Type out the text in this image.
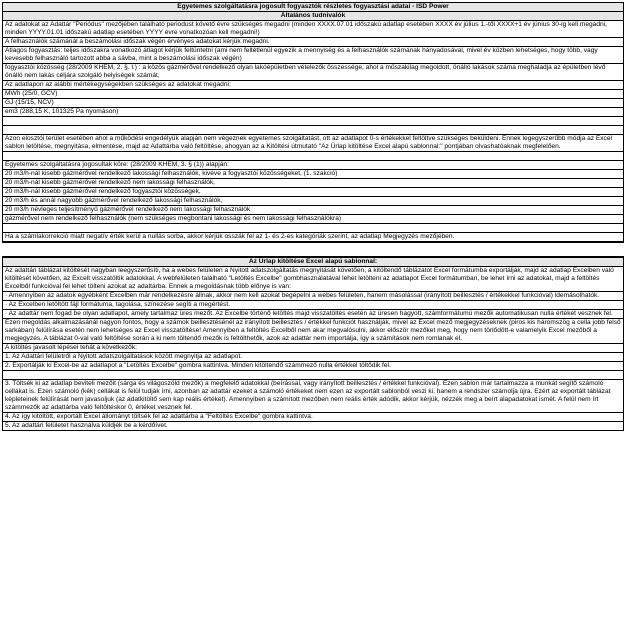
Egyetemes szolgáltatásra jogosult fogyasztók részletes fogyasztási adatai - ISD Power
Általános tudnivalók
Az adatokat az Adattár "Periódus" mezőjében található periodust követő évre szükséges megadni (minden XXXX.07.01 időszakú adatlap esetében XXXX év július 1.-től XXXX+1 év június 30-ig kell megadni, minden YYYY.01.01 időszakú adatlap esetében YYYY évre vonatkozóan kell megadni!)
A felhasználók számánál a beszámolási időszak végén érvényes adatokat kérjük megadni.
Átlagos fogyasztás: teljes időszakra vonatkozó átlagot kérjük feltüntetni (ami nem feltétlenül egyezik a mennyiség és a felhasználók számának hányadosával, mivel év közben lehetséges, hogy több, vagy kevesebb felhasználó tartozott abba a sávba, mint a beszámolási időszak végén)
fogyasztói közösség (28/2009 KHEM, 2. §. l.) : a közös gázmérővel rendelkező olyan lakóépületben vételezők összessége, ahol a műszakilag megoldott, önálló lakások száma meghaladja az épületben lévő önálló nem lakás céljára szolgáló helyiségek számát,
Az adatlapon az alábbi mértékegységekben szükséges az adatokat megadni:
MWh (25/0, GCV)
GJ (15/15, NCV)
em3 (288,15 K, 101325 Pa nyomáson)

Azon elosztói terület esetében ahol a működési engedélyük alapján nem végeznek egyetemes szolgáltatást, ott az adatlapot 0-s értékekkel feltöltve szükséges beküldeni. Ennek legegyszerűbb módja az Excel sablon letöltése, megnyitása, elmentése, majd az Adattárba való feltöltése, ahogyan az a Kitöltési útmutató "Az Űrlap kitöltése Excel alapú sablonnal:" pontjában olvashatóaknak megfelelően.

Egyetemes szolgáltatásra jogosultak köre: (28/2009 KHEM, 3. § (1)) alapján:
20 m3/h-nál kisebb gázmérővel rendelkező lakossági felhasználók, kivéve a fogyasztói közösségeket, (1. szakció)
20 m3/h-nál kisebb gázmérővel rendelkező nem lakossági felhasználók,
20 m3/h-nál kisebb gázmérővel rendelkező fogyasztói közösségek,
20 m3/h és annál nagyobb gázmérővel rendelkező lakossági felhasználók,
20 m3/h névleges teljesítményű gázmérővel rendelkező nem lakossági felhasználók
gázmérővel nem rendelkező felhasználók (nem szükséges megbontani lakossági és nem lakossági felhasználókra)

Ha a számlakorrekció miatt negatív érték kerül a nullás sorba, akkor kérjük osszák fel az 1- és 2-es kategóriák szerint, az adatlap Megjegyzés mezőjében.
Az Űrlap kitöltése Excel alapú sablonnal:
Az adattári táblázat kitöltését nagyban leegyszerűsíti, ha a webes felületen a Nyitott adatszolgáltatás megnyitását követően, a kitöltendő táblázatot Excel formátumba exportálják, majd az adatlap Excelben való kitöltését követően, az Excelt visszatöltik adatokkal. A webfelületen található "Letöltés Excelbe" gombhasználatával lehet letölteni az adatlapot Excel formátumban, be lehet írni az adatokat, majd a feltöltés Excelből funkcióval fel lehet tölteni azokat az adattárba. Ennek a megoldásnak több előnye is van:
· Amennyiben az adatok egyébként Excelben már rendelkezésre állnak, akkor nem kell azokat begépelni a webes felületen, hanem másolással (irányított beillesztés / értékekkel funkcióval) ldemásolhatók.
· Az Excelben letöltött fájl formátuma, tagolása, színezése segíti a megértést.
· Az adattár nem fogad be olyan adatlapot, amely tartalmaz üres mezőt. Az Excelbe történő letöltés majd visszatöltés esetén az üresen hagyott, számformátumú mezők automatikusan nulla értéket vesznek fel.
Ezen megoldás alkalmazásánál nagyon fontos, hogy a számok beillesztésénél az irányított beillesztés / értékkel funkciót használják, mivel az Excel mező megjegyzéseknek (piros kis háromszög a cella jobb felső sarkában) felülírása esetén nem lehetséges az Excel visszatöltése! Amennyiben a feltöltés Excelből nem akar megvalósulni, akkor először mezőket meg, hogy nem törlődött-e valamelyik Excel mezőből a megjegyzés. A táblázat 0-val való feltöltése során a ki nem töltendő mezők is feltölthetők, azok az adattár nem importálja, így a számítások nem romlanak el.
A kitöltés javasolt lépései tehát a következők:
1. Az Adattári felületről a Nyitott adatszolgáltatások között megnyitja az adatlapot.
2. Exportálják ki Excel-be az adatlapot a "Letöltés Excelbe" gombra kattintva. Minden kitöltendő számmező nulla értékkel töltődik fel.

3. Töltsék ki az adatlap beviteli mezőit (sárga és világoszöld mezők) a megfelelő adatokkal (beírással, vagy irányított beillesztés / értékkel funkcióval). Ezen sablon már tartalmazza a munkát segítő számoló cellákat is. Ezen számoló (kék) cellákat is felül tudják írni, azonban az adattár ezeket a számoló értékeket nem ezen az exportált sablonból veszi ki, hanem a rendszer számolja újra. Ezért az exportált táblázat képleteinek felülírását nem javasoljuk (az adatkitöltő sem kap reális értéket). Amennyiben a számított mezőben nem reális érték adódik, akkor kérjük, nézzék meg a beírt alapadatokat ismét. A felül nem írt számmezők az adattárba való feltöltéskor 0, értéket vesznek fel.
4. Az így kitöltött, exportált Excel állományt töltsék fel az adattárba a "Feltöltés Excelbe" gombra kattintva.
5. Az adattári felületet használva küldjék be a kérdőívet.
